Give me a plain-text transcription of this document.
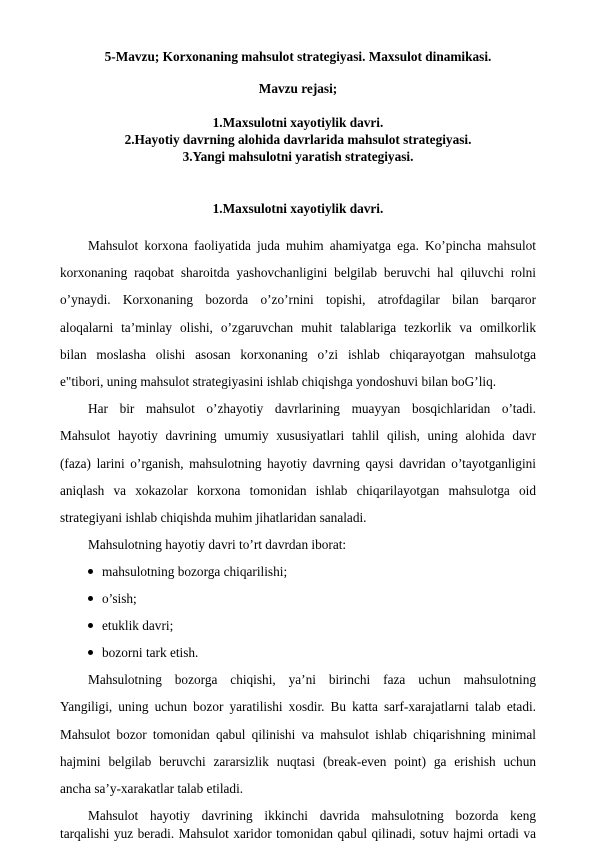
5-Mavzu; Korxonaning mahsulot strategiyasi. Maxsulot dinamikasi.
Mavzu rejasi;
1.Maxsulotni xayotiylik davri.
2.Hayotiy davrning alohida davrlarida mahsulot strategiyasi.
3.Yangi mahsulotni yaratish strategiyasi.
1.Maxsulotni xayotiylik davri.
Mahsulot korxona faoliyatida juda muhim ahamiyatga ega. Ko’pincha mahsulot
korxonaning raqobat sharoitda yashovchanligini belgilab beruvchi hal qiluvchi rolni
o’ynaydi. Korxonaning bozorda o’zo’rnini topishi, atrofdagilar bilan barqaror
aloqalarni ta’minlay olishi, o’zgaruvchan muhit talablariga tezkorlik va omilkorlik
bilan moslasha olishi asosan korxonaning o’zi ishlab chiqarayotgan mahsulotga
e"tibori, uning mahsulot strategiyasini ishlab chiqishga yondoshuvi bilan boG’liq.
Har bir mahsulot o’zhayotiy davrlarining muayyan bosqichlaridan o’tadi.
Mahsulot hayotiy davrining umumiy xususiyatlari tahlil qilish, uning alohida davr
(faza) larini o’rganish, mahsulotning hayotiy davrning qaysi davridan o’tayotganligini
aniqlash va xokazolar korxona tomonidan ishlab chiqarilayotgan mahsulotga oid
strategiyani ishlab chiqishda muhim jihatlaridan sanaladi.
Mahsulotning hayotiy davri to’rt davrdan iborat:
mahsulotning bozorga chiqarilishi;
o’sish;
etuklik davri;
bozorni tark etish.
Mahsulotning bozorga chiqishi, ya’ni birinchi faza uchun mahsulotning
Yangiligi, uning uchun bozor yaratilishi xosdir. Bu katta sarf-xarajatlarni talab etadi.
Mahsulot bozor tomonidan qabul qilinishi va mahsulot ishlab chiqarishning minimal
hajmini belgilab beruvchi zararsizlik nuqtasi (break-even point) ga erishish uchun
ancha sa’y-xarakatlar talab etiladi.
Mahsulot hayotiy davrining ikkinchi davrida mahsulotning bozorda keng
tarqalishi yuz beradi. Mahsulot xaridor tomonidan qabul qilinadi, sotuv hajmi ortadi va
